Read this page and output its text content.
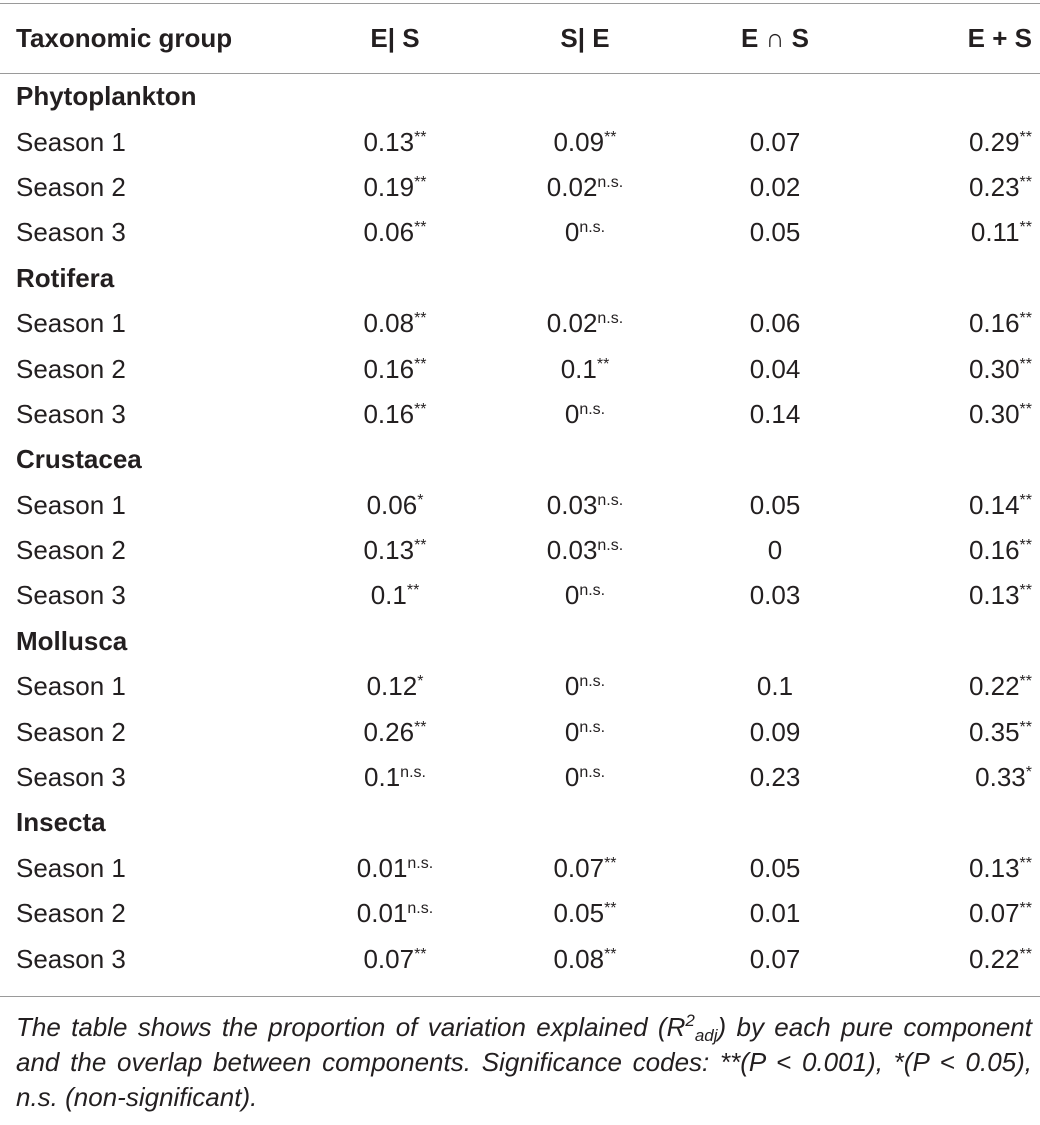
Taxonomic group	E| S	S| E	E ∩ S	E + S

Phytoplankton				
Season 1	0.13**	0.09**	0.07	0.29**
Season 2	0.19**	$0.02^{n.s.}$	0.02	0.23**
Season 3	0.06**	$0^{n.s.}$	0.05	0.11**
Rotifera				
Season 1	0.08**	$0.02^{n.s.}$	0.06	0.16**
Season 2	0.16**	0.1**	0.04	0.30**
Season 3	0.16**	$0^{n.s.}$	0.14	0.30**
Crustacea				
Season 1	0.06*	$0.03^{n.s.}$	0.05	0.14**
Season 2	0.13**	$0.03^{n.s.}$	0	0.16**
Season 3	0.1**	$0^{n.s.}$	0.03	0.13**
Mollusca				
Season 1	0.12*	$0^{n.s.}$	0.1	0.22**
Season 2	0.26**	$0^{n.s.}$	0.09	0.35**
Season 3	$0.1^{n.s.}$	$0^{n.s.}$	0.23	0.33*
Insecta				
Season 1	$0.01^{n.s.}$	0.07**	0.05	0.13**
Season 2	$0.01^{n.s.}$	0.05**	0.01	0.07**
Season 3	0.07**	0.08**	0.07	0.22**

The table shows the proportion of variation explained $(R^2_{adj})$ by each pure component and the overlap between components. Significance codes: **(P < 0.001), *(P < 0.05), n.s. (non-significant).
